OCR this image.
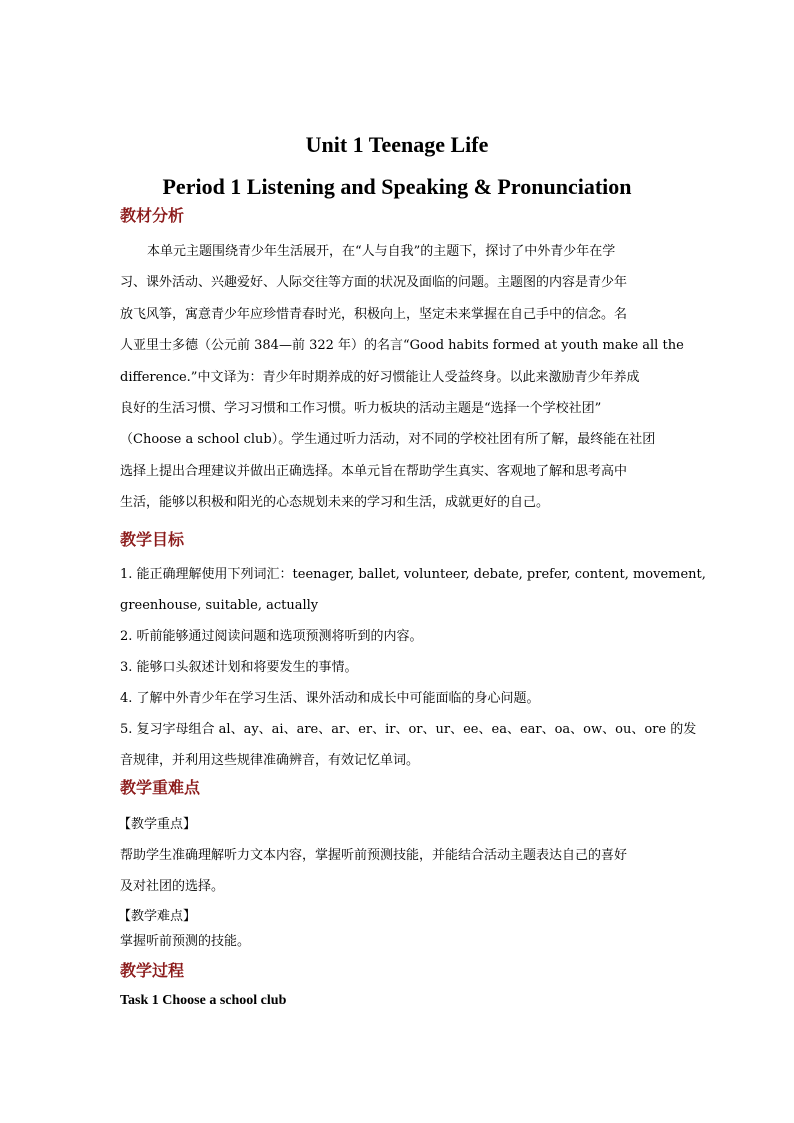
Unit 1 Teenage Life
Period 1 Listening and Speaking & Pronunciation
教材分析
本单元主题围绕青少年生活展开，在“人与自我”的主题下，探讨了中外青少年在学
习、课外活动、兴趣爱好、人际交往等方面的状况及面临的问题。主题图的内容是青少年
放飞风筝，寓意青少年应珍惜青春时光，积极向上，坚定未来掌握在自己手中的信念。名
人亚里士多德（公元前 384—前 322 年）的名言“Good habits formed at youth make all the
difference.”中文译为：青少年时期养成的好习惯能让人受益终身。以此来激励青少年养成
良好的生活习惯、学习习惯和工作习惯。听力板块的活动主题是“选择一个学校社团”
（Choose a school club）。学生通过听力活动，对不同的学校社团有所了解，最终能在社团
选择上提出合理建议并做出正确选择。本单元旨在帮助学生真实、客观地了解和思考高中
生活，能够以积极和阳光的心态规划未来的学习和生活，成就更好的自己。
教学目标
1. 能正确理解使用下列词汇：teenager, ballet, volunteer, debate, prefer, content, movement,
greenhouse, suitable, actually
2. 听前能够通过阅读问题和选项预测将听到的内容。
3. 能够口头叙述计划和将要发生的事情。
4. 了解中外青少年在学习生活、课外活动和成长中可能面临的身心问题。
5. 复习字母组合 al、ay、ai、are、ar、er、ir、or、ur、ee、ea、ear、oa、ow、ou、ore 的发
音规律，并利用这些规律准确辨音，有效记忆单词。
教学重难点
【教学重点】
帮助学生准确理解听力文本内容，掌握听前预测技能，并能结合活动主题表达自己的喜好
及对社团的选择。
【教学难点】
掌握听前预测的技能。
教学过程
Task 1 Choose a school club
